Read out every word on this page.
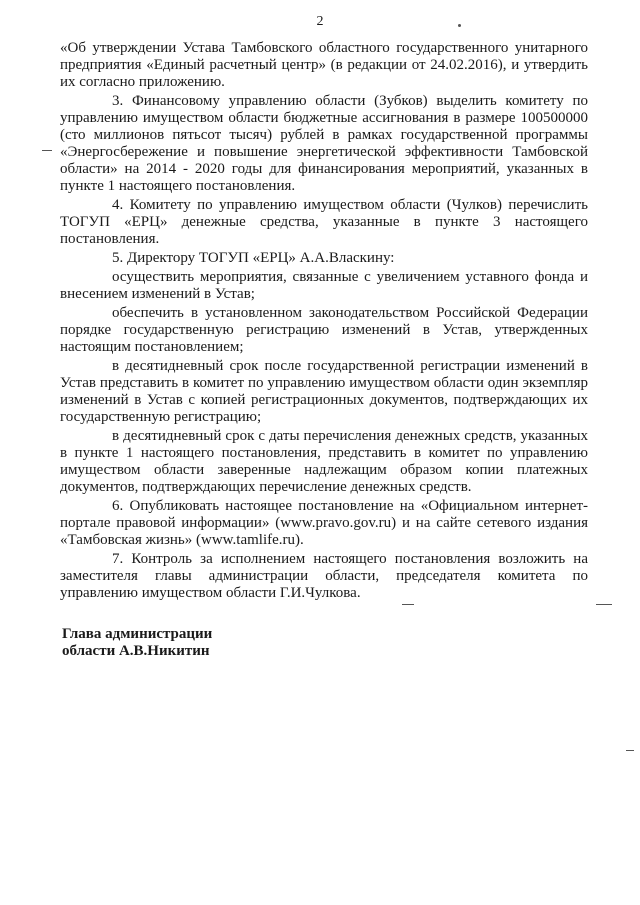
2

«Об утверждении Устава Тамбовского областного государственного унитарного предприятия «Единый расчетный центр» (в редакции от 24.02.2016), и утвердить их согласно приложению.

3. Финансовому управлению области (Зубков) выделить комитету по управлению имуществом области бюджетные ассигнования в размере 100500000 (сто миллионов пятьсот тысяч) рублей в рамках государственной программы «Энергосбережение и повышение энергетической эффективности Тамбовской области» на 2014 - 2020 годы для финансирования мероприятий, указанных в пункте 1 настоящего постановления.

4. Комитету по управлению имуществом области (Чулков) перечислить ТОГУП «ЕРЦ» денежные средства, указанные в пункте 3 настоящего постановления.

5. Директору ТОГУП «ЕРЦ» А.А.Власкину:

осуществить мероприятия, связанные с увеличением уставного фонда и внесением изменений в Устав;

обеспечить в установленном законодательством Российской Федерации порядке государственную регистрацию изменений в Устав, утвержденных настоящим постановлением;

в десятидневный срок после государственной регистрации изменений в Устав представить в комитет по управлению имуществом области один экземпляр изменений в Устав с копией регистрационных документов, подтверждающих их государственную регистрацию;

в десятидневный срок с даты перечисления денежных средств, указанных в пункте 1 настоящего постановления, представить в комитет по управлению имуществом области заверенные надлежащим образом копии платежных документов, подтверждающих перечисление денежных средств.

6. Опубликовать настоящее постановление на «Официальном интернет-портале правовой информации» (www.pravo.gov.ru) и на сайте сетевого издания «Тамбовская жизнь» (www.tamlife.ru).

7. Контроль за исполнением настоящего постановления возложить на заместителя главы администрации области, председателя комитета по управлению имуществом области Г.И.Чулкова.

Глава администрации
области А.В.Никитин
